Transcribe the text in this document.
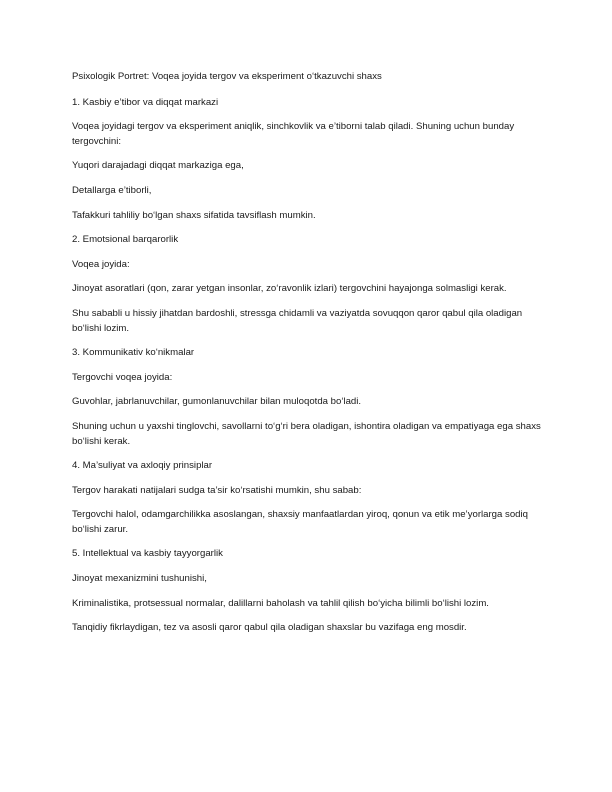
Psixologik Portret: Voqea joyida tergov va eksperiment o‘tkazuvchi shaxs

1. Kasbiy e’tibor va diqqat markazi

Voqea joyidagi tergov va eksperiment aniqlik, sinchkovlik va e’tiborni talab qiladi. Shuning uchun bunday tergovchini:

Yuqori darajadagi diqqat markaziga ega,

Detallarga e’tiborli,

Tafakkuri tahliliy bo‘lgan shaxs sifatida tavsiflash mumkin.

2. Emotsional barqarorlik

Voqea joyida:

Jinoyat asoratlari (qon, zarar yetgan insonlar, zo‘ravonlik izlari) tergovchini hayajonga solmasligi kerak.

Shu sababli u hissiy jihatdan bardoshli, stressga chidamli va vaziyatda sovuqqon qaror qabul qila oladigan bo‘lishi lozim.

3. Kommunikativ ko‘nikmalar

Tergovchi voqea joyida:

Guvohlar, jabrlanuvchilar, gumonlanuvchilar bilan muloqotda bo‘ladi.

Shuning uchun u yaxshi tinglovchi, savollarni to‘g‘ri bera oladigan, ishontira oladigan va empatiyaga ega shaxs bo‘lishi kerak.

4. Ma’suliyat va axloqiy prinsiplar

Tergov harakati natijalari sudga ta’sir ko‘rsatishi mumkin, shu sabab:

Tergovchi halol, odamgarchilikka asoslangan, shaxsiy manfaatlardan yiroq, qonun va etik me’yorlarga sodiq bo‘lishi zarur.

5. Intellektual va kasbiy tayyorgarlik

Jinoyat mexanizmini tushunishi,

Kriminalistika, protsessual normalar, dalillarni baholash va tahlil qilish bo‘yicha bilimli bo‘lishi lozim.

Tanqidiy fikrlaydigan, tez va asosli qaror qabul qila oladigan shaxslar bu vazifaga eng mosdir.
